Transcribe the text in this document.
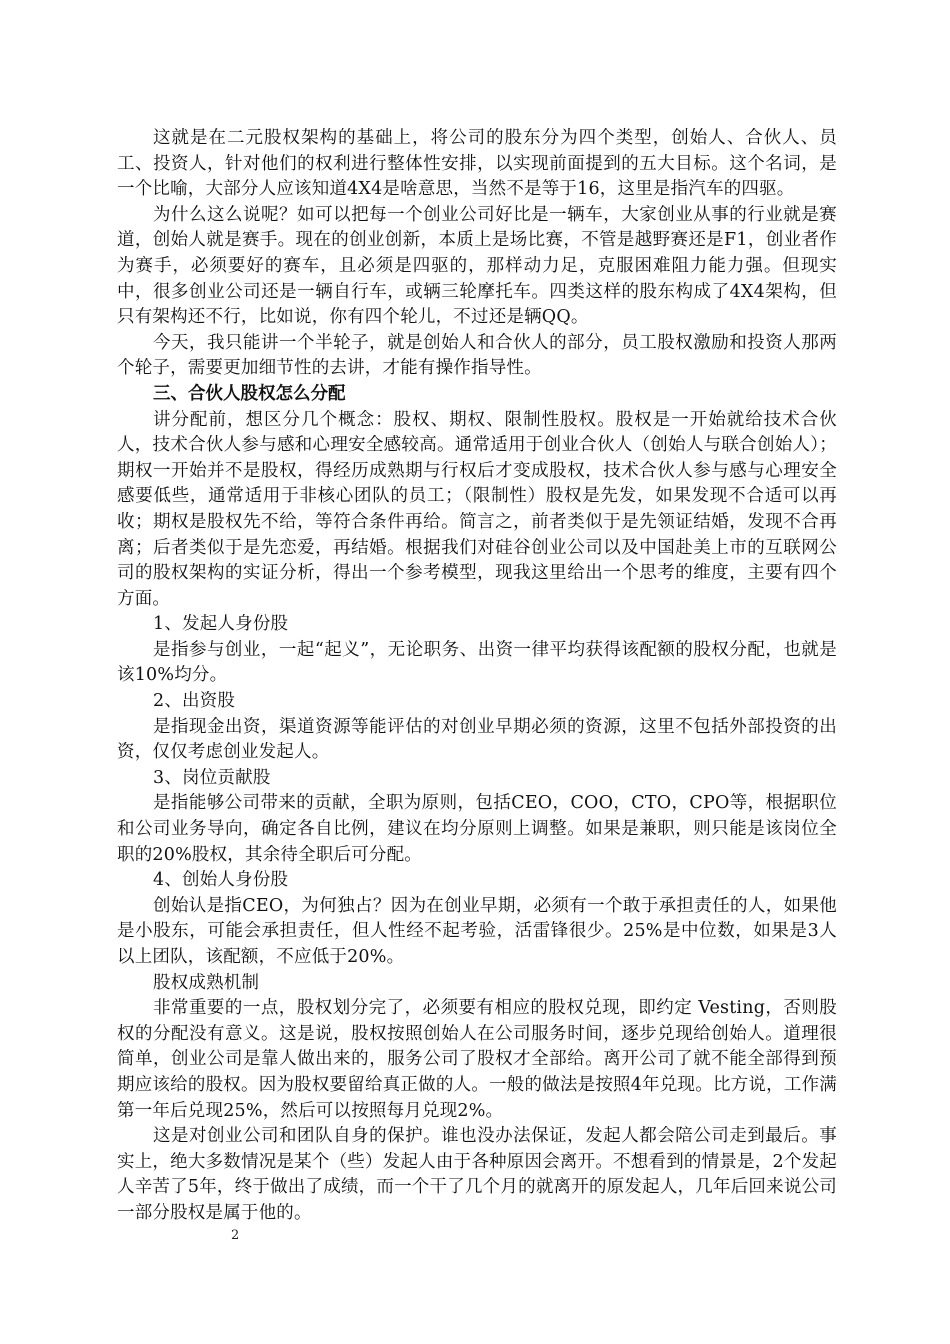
这就是在二元股权架构的基础上，将公司的股东分为四个类型，创始人、合伙人、员工、投资人，针对他们的权利进行整体性安排，以实现前面提到的五大目标。这个名词，是一个比喻，大部分人应该知道4X4是啥意思，当然不是等于16，这里是指汽车的四驱。

为什么这么说呢？如可以把每一个创业公司好比是一辆车，大家创业从事的行业就是赛道，创始人就是赛手。现在的创业创新，本质上是场比赛，不管是越野赛还是F1，创业者作为赛手，必须要好的赛车，且必须是四驱的，那样动力足，克服困难阻力能力强。但现实中，很多创业公司还是一辆自行车，或辆三轮摩托车。四类这样的股东构成了4X4架构，但只有架构还不行，比如说，你有四个轮儿，不过还是辆QQ。

今天，我只能讲一个半轮子，就是创始人和合伙人的部分，员工股权激励和投资人那两个轮子，需要更加细节性的去讲，才能有操作指导性。

三、合伙人股权怎么分配

讲分配前，想区分几个概念：股权、期权、限制性股权。股权是一开始就给技术合伙人，技术合伙人参与感和心理安全感较高。通常适用于创业合伙人（创始人与联合创始人）；期权一开始并不是股权，得经历成熟期与行权后才变成股权，技术合伙人参与感与心理安全感要低些，通常适用于非核心团队的员工；（限制性）股权是先发，如果发现不合适可以再收；期权是股权先不给，等符合条件再给。简言之，前者类似于是先领证结婚，发现不合再离；后者类似于是先恋爱，再结婚。根据我们对硅谷创业公司以及中国赴美上市的互联网公司的股权架构的实证分析，得出一个参考模型，现我这里给出一个思考的维度，主要有四个方面。

1、发起人身份股

是指参与创业，一起“起义”，无论职务、出资一律平均获得该配额的股权分配，也就是该10%均分。

2、出资股

是指现金出资，渠道资源等能评估的对创业早期必须的资源，这里不包括外部投资的出资，仅仅考虑创业发起人。

3、岗位贡献股

是指能够公司带来的贡献，全职为原则，包括CEO，COO，CTO，CPO等，根据职位和公司业务导向，确定各自比例，建议在均分原则上调整。如果是兼职，则只能是该岗位全职的20%股权，其余待全职后可分配。

4、创始人身份股

创始认是指CEO，为何独占？因为在创业早期，必须有一个敢于承担责任的人，如果他是小股东，可能会承担责任，但人性经不起考验，活雷锋很少。25%是中位数，如果是3人以上团队，该配额，不应低于20%。

股权成熟机制

非常重要的一点，股权划分完了，必须要有相应的股权兑现，即约定 Vesting，否则股权的分配没有意义。这是说，股权按照创始人在公司服务时间，逐步兑现给创始人。道理很简单，创业公司是靠人做出来的，服务公司了股权才全部给。离开公司了就不能全部得到预期应该给的股权。因为股权要留给真正做的人。一般的做法是按照4年兑现。比方说，工作满第一年后兑现25%，然后可以按照每月兑现2%。

这是对创业公司和团队自身的保护。谁也没办法保证，发起人都会陪公司走到最后。事实上，绝大多数情况是某个（些）发起人由于各种原因会离开。不想看到的情景是，2个发起人辛苦了5年，终于做出了成绩，而一个干了几个月的就离开的原发起人，几年后回来说公司一部分股权是属于他的。

2
